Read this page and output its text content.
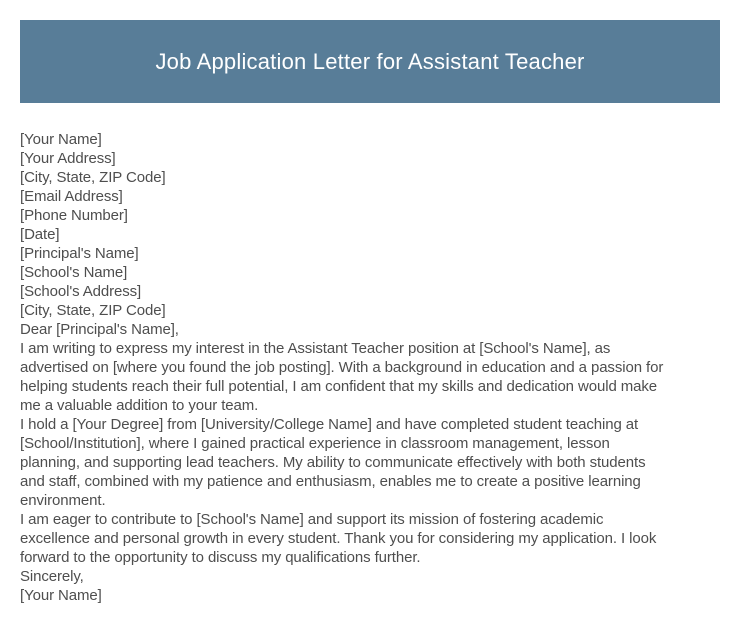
Job Application Letter for Assistant Teacher
[Your Name]
[Your Address]
[City, State, ZIP Code]
[Email Address]
[Phone Number]
[Date]
[Principal's Name]
[School's Name]
[School's Address]
[City, State, ZIP Code]
Dear [Principal's Name],
I am writing to express my interest in the Assistant Teacher position at [School's Name], as
advertised on [where you found the job posting]. With a background in education and a passion for
helping students reach their full potential, I am confident that my skills and dedication would make
me a valuable addition to your team.
I hold a [Your Degree] from [University/College Name] and have completed student teaching at
[School/Institution], where I gained practical experience in classroom management, lesson
planning, and supporting lead teachers. My ability to communicate effectively with both students
and staff, combined with my patience and enthusiasm, enables me to create a positive learning
environment.
I am eager to contribute to [School's Name] and support its mission of fostering academic
excellence and personal growth in every student. Thank you for considering my application. I look
forward to the opportunity to discuss my qualifications further.
Sincerely,
[Your Name]
